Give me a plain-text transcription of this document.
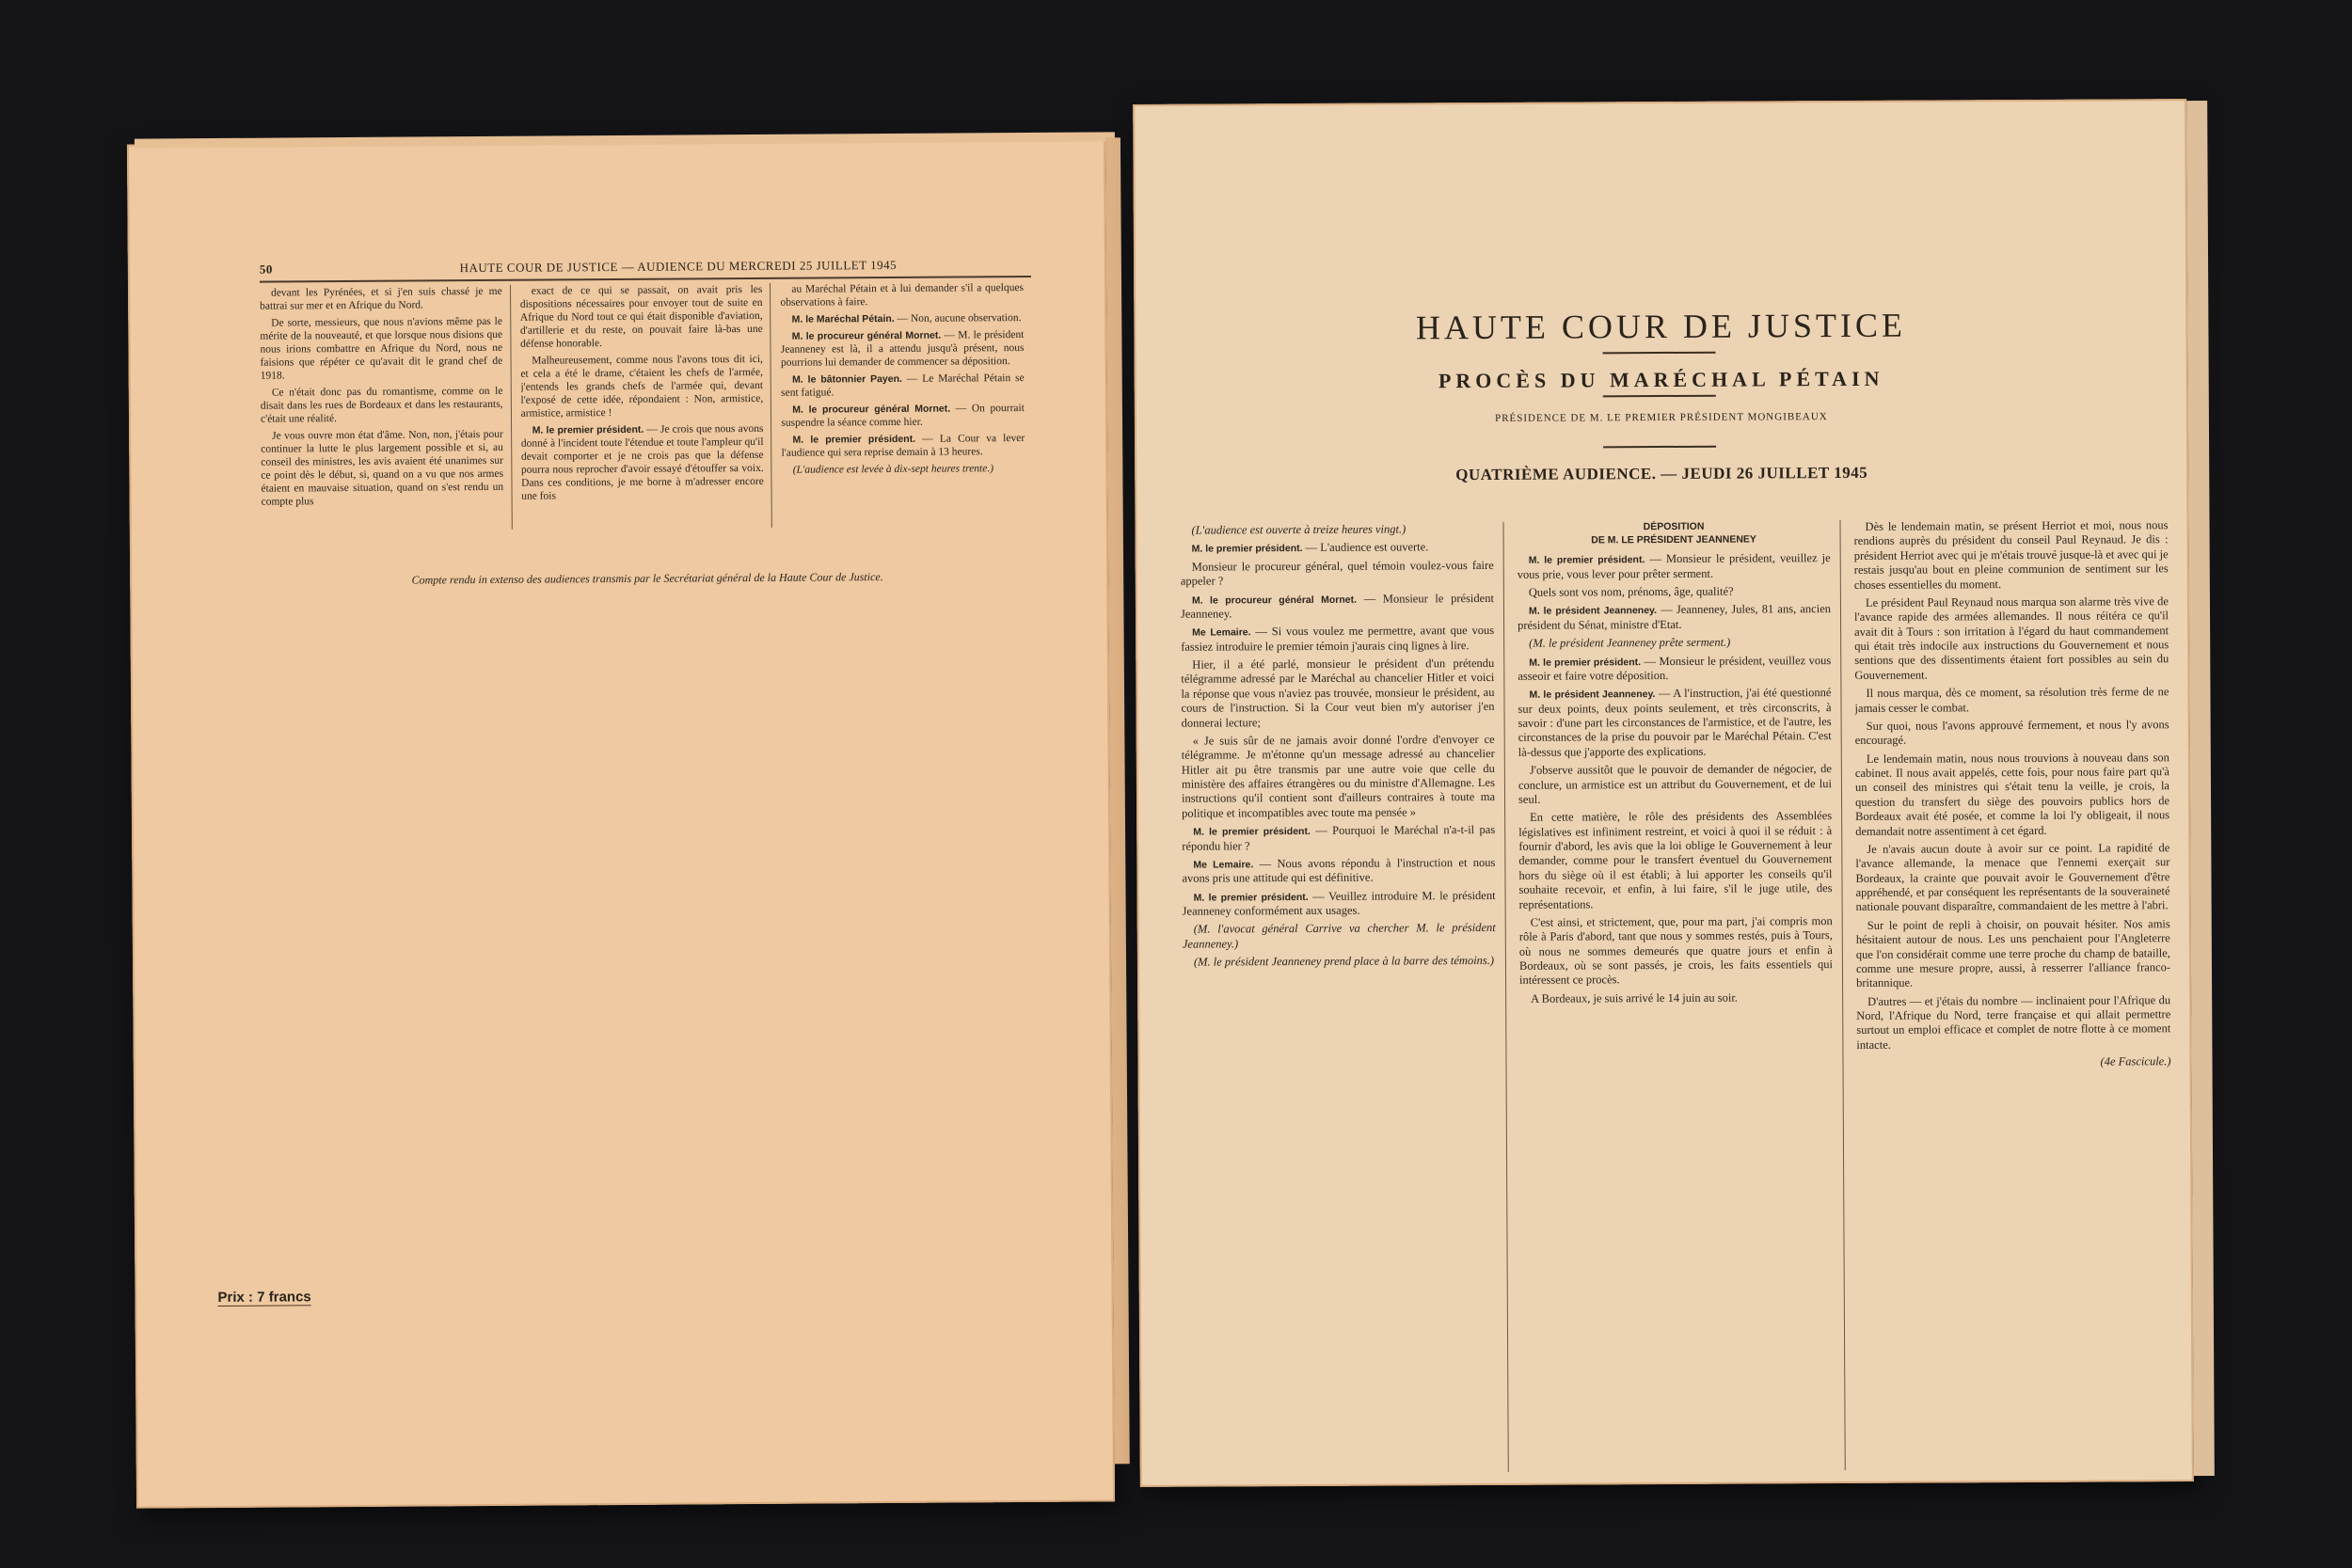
50	HAUTE COUR DE JUSTICE — AUDIENCE DU MERCREDI 25 JUILLET 1945

devant les Pyrénées, et si j'en suis chassé je me battrai sur mer et en Afrique du Nord.

De sorte, messieurs, que nous n'avions même pas le mérite de la nouveauté, et que lorsque nous disions que nous irions combattre en Afrique du Nord, nous ne faisions que répéter ce qu'avait dit le grand chef de 1918.

Ce n'était donc pas du romantisme, comme on le disait dans les rues de Bordeaux et dans les restaurants, c'était une réalité.

Je vous ouvre mon état d'âme. Non, non, j'étais pour continuer la lutte le plus largement possible et si, au conseil des ministres, les avis avaient été unanimes sur ce point dès le début, si, quand on a vu que nos armes étaient en mauvaise situation, quand on s'est rendu un compte plus

exact de ce qui se passait, on avait pris les dispositions nécessaires pour envoyer tout de suite en Afrique du Nord tout ce qui était disponible d'aviation, d'artillerie et du reste, on pouvait faire là-bas une défense honorable.

Malheureusement, comme nous l'avons tous dit ici, et cela a été le drame, c'étaient les chefs de l'armée, j'entends les grands chefs de l'armée qui, devant l'exposé de cette idée, répondaient : Non, armistice, armistice, armistice !

M. le premier président. — Je crois que nous avons donné à l'incident toute l'étendue et toute l'ampleur qu'il devait comporter et je ne crois pas que la défense pourra nous reprocher d'avoir essayé d'étouffer sa voix. Dans ces conditions, je me borne à m'adresser encore une fois

au Maréchal Pétain et à lui demander s'il a quelques observations à faire.

M. le Maréchal Pétain. — Non, aucune observation.

M. le procureur général Mornet. — M. le président Jeanneney est là, il a attendu jusqu'à présent, nous pourrions lui demander de commencer sa déposition.

M. le bâtonnier Payen. — Le Maréchal Pétain se sent fatigué.

M. le procureur général Mornet. — On pourrait suspendre la séance comme hier.

M. le premier président. — La Cour va lever l'audience qui sera reprise demain à 13 heures.

(L'audience est levée à dix-sept heures trente.)

Compte rendu in extenso des audiences transmis par le Secrétariat général de la Haute Cour de Justice.
Prix : 7 francs
HAUTE COUR DE JUSTICE
PROCÈS DU MARÉCHAL PÉTAIN
PRÉSIDENCE DE M. LE PREMIER PRÉSIDENT MONGIBEAUX
QUATRIÈME AUDIENCE. — JEUDI 26 JUILLET 1945

(L'audience est ouverte à treize heures vingt.)

M. le premier président. — L'audience est ouverte.

Monsieur le procureur général, quel témoin voulez-vous faire appeler ?

M. le procureur général Mornet. — Monsieur le président Jeanneney.

Me Lemaire. — Si vous voulez me permettre, avant que vous fassiez introduire le premier témoin j'aurais cinq lignes à lire.

Hier, il a été parlé, monsieur le président d'un prétendu télégramme adressé par le Maréchal au chancelier Hitler et voici la réponse que vous n'aviez pas trouvée, monsieur le président, au cours de l'instruction. Si la Cour veut bien m'y autoriser j'en donnerai lecture;

« Je suis sûr de ne jamais avoir donné l'ordre d'envoyer ce télégramme. Je m'étonne qu'un message adressé au chancelier Hitler ait pu être transmis par une autre voie que celle du ministère des affaires étrangères ou du ministre d'Allemagne. Les instructions qu'il contient sont d'ailleurs contraires à toute ma politique et incompatibles avec toute ma pensée »

M. le premier président. — Pourquoi le Maréchal n'a-t-il pas répondu hier ?

Me Lemaire. — Nous avons répondu à l'instruction et nous avons pris une attitude qui est définitive.

M. le premier président. — Veuillez introduire M. le président Jeanneney conformément aux usages.

(M. l'avocat général Carrive va chercher M. le président Jeanneney.)

(M. le président Jeanneney prend place à la barre des témoins.)

DÉPOSITION
DE M. LE PRÉSIDENT JEANNENEY

M. le premier président. — Monsieur le président, veuillez je vous prie, vous lever pour prêter serment.

Quels sont vos nom, prénoms, âge, qualité?

M. le président Jeanneney. — Jeanneney, Jules, 81 ans, ancien président du Sénat, ministre d'Etat.

(M. le président Jeanneney prête serment.)

M. le premier président. — Monsieur le président, veuillez vous asseoir et faire votre déposition.

M. le président Jeanneney. — A l'instruction, j'ai été questionné sur deux points, deux points seulement, et très circonscrits, à savoir : d'une part les circonstances de l'armistice, et de l'autre, les circonstances de la prise du pouvoir par le Maréchal Pétain. C'est là-dessus que j'apporte des explications.

J'observe aussitôt que le pouvoir de demander de négocier, de conclure, un armistice est un attribut du Gouvernement, et de lui seul.

En cette matière, le rôle des présidents des Assemblées législatives est infiniment restreint, et voici à quoi il se réduit : à fournir d'abord, les avis que la loi oblige le Gouvernement à leur demander, comme pour le transfert éventuel du Gouvernement hors du siège où il est établi; à lui apporter les conseils qu'il souhaite recevoir, et enfin, à lui faire, s'il le juge utile, des représentations.

C'est ainsi, et strictement, que, pour ma part, j'ai compris mon rôle à Paris d'abord, tant que nous y sommes restés, puis à Tours, où nous ne sommes demeurés que quatre jours et enfin à Bordeaux, où se sont passés, je crois, les faits essentiels qui intéressent ce procès.

A Bordeaux, je suis arrivé le 14 juin au soir.

Dès le lendemain matin, se présent Herriot et moi, nous nous rendions auprès du président du conseil Paul Reynaud. Je dis : président Herriot avec qui je m'étais trouvé jusque-là et avec qui je restais jusqu'au bout en pleine communion de sentiment sur les choses essentielles du moment.

Le président Paul Reynaud nous marqua son alarme très vive de l'avance rapide des armées allemandes. Il nous réitéra ce qu'il avait dit à Tours : son irritation à l'égard du haut commandement qui était très indocile aux instructions du Gouvernement et nous sentions que des dissentiments étaient fort possibles au sein du Gouvernement.

Il nous marqua, dès ce moment, sa résolution très ferme de ne jamais cesser le combat.

Sur quoi, nous l'avons approuvé fermement, et nous l'y avons encouragé.

Le lendemain matin, nous nous trouvions à nouveau dans son cabinet. Il nous avait appelés, cette fois, pour nous faire part qu'à un conseil des ministres qui s'était tenu la veille, je crois, la question du transfert du siège des pouvoirs publics hors de Bordeaux avait été posée, et comme la loi l'y obligeait, il nous demandait notre assentiment à cet égard.

Je n'avais aucun doute à avoir sur ce point. La rapidité de l'avance allemande, la menace que l'ennemi exerçait sur Bordeaux, la crainte que pouvait avoir le Gouvernement d'être appréhendé, et par conséquent les représentants de la souveraineté nationale pouvant disparaître, commandaient de les mettre à l'abri.

Sur le point de repli à choisir, on pouvait hésiter. Nos amis hésitaient autour de nous. Les uns penchaient pour l'Angleterre que l'on considérait comme une terre proche du champ de bataille, comme une mesure propre, aussi, à resserrer l'alliance franco-britannique.

D'autres — et j'étais du nombre — inclinaient pour l'Afrique du Nord, l'Afrique du Nord, terre française et qui allait permettre surtout un emploi efficace et complet de notre flotte à ce moment intacte.

(4e Fascicule.)
